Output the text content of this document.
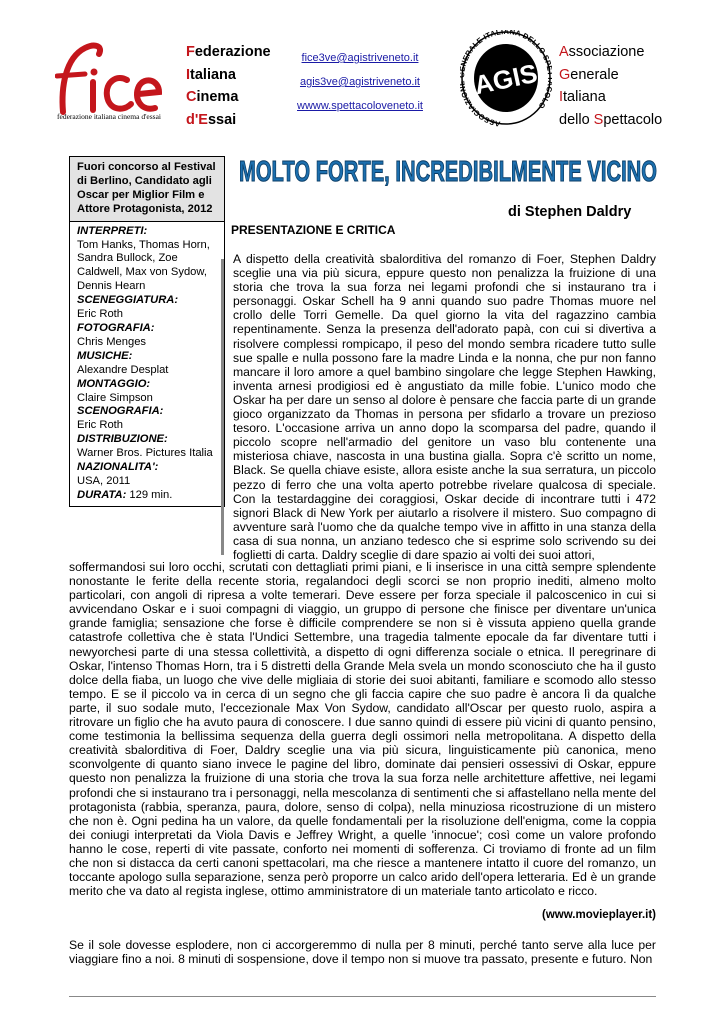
federazione italiana cinema d'essai
Federazione
Italiana
Cinema
d'Essai
fice3ve@agistriveneto.it
agis3ve@agistriveneto.it
wwww.spettacoloveneto.it
ASSOCIAZIO ERALE ITALIANA DELLO S OLO
AGIS
Associazione
Generale
Italiana
dello Spettacolo
Fuori concorso al Festival di Berlino, Candidato agli Oscar per Miglior Film e Attore Protagonista, 2012
INTERPRETI:
Tom Hanks, Thomas Horn, Sandra Bullock, Zoe Caldwell, Max von Sydow, Dennis Hearn
SCENEGGIATURA:
Eric Roth
FOTOGRAFIA:
Chris Menges
MUSICHE:
Alexandre Desplat
MONTAGGIO:
Claire Simpson
SCENOGRAFIA:
Eric Roth
DISTRIBUZIONE:
Warner Bros. Pictures Italia
NAZIONALITA':
USA, 2011
DURATA: 129 min.
MOLTO FORTE, INCREDIBILMENTE VICINO
di Stephen Daldry
PRESENTAZIONE E CRITICA
A dispetto della creatività sbalorditiva del romanzo di Foer, Stephen Daldry sceglie una via più sicura, eppure questo non penalizza la fruizione di una storia che trova la sua forza nei legami profondi che si instaurano tra i personaggi. Oskar Schell ha 9 anni quando suo padre Thomas muore nel crollo delle Torri Gemelle. Da quel giorno la vita del ragazzino cambia repentinamente. Senza la presenza dell'adorato papà, con cui si divertiva a risolvere complessi rompicapo, il peso del mondo sembra ricadere tutto sulle sue spalle e nulla possono fare la madre Linda e la nonna, che pur non fanno mancare il loro amore a quel bambino singolare che legge Stephen Hawking, inventa arnesi prodigiosi ed è angustiato da mille fobie. L'unico modo che Oskar ha per dare un senso al dolore è pensare che faccia parte di un grande gioco organizzato da Thomas in persona per sfidarlo a trovare un prezioso tesoro. L'occasione arriva un anno dopo la scomparsa del padre, quando il piccolo scopre nell'armadio del genitore un vaso blu contenente una misteriosa chiave, nascosta in una bustina gialla. Sopra c'è scritto un nome, Black. Se quella chiave esiste, allora esiste anche la sua serratura, un piccolo pezzo di ferro che una volta aperto potrebbe rivelare qualcosa di speciale. Con la testardaggine dei coraggiosi, Oskar decide di incontrare tutti i 472 signori Black di New York per aiutarlo a risolvere il mistero. Suo compagno di avventure sarà l'uomo che da qualche tempo vive in affitto in una stanza della casa di sua nonna, un anziano tedesco che si esprime solo scrivendo su dei foglietti di carta. Daldry sceglie di dare spazio ai volti dei suoi attori,
soffermandosi sui loro occhi, scrutati con dettagliati primi piani, e li inserisce in una città sempre splendente nonostante le ferite della recente storia, regalandoci degli scorci se non proprio inediti, almeno molto particolari, con angoli di ripresa a volte temerari. Deve essere per forza speciale il palcoscenico in cui si avvicendano Oskar e i suoi compagni di viaggio, un gruppo di persone che finisce per diventare un'unica grande famiglia; sensazione che forse è difficile comprendere se non si è vissuta appieno quella grande catastrofe collettiva che è stata l'Undici Settembre, una tragedia talmente epocale da far diventare tutti i newyorchesi parte di una stessa collettività, a dispetto di ogni differenza sociale o etnica. Il peregrinare di Oskar, l'intenso Thomas Horn, tra i 5 distretti della Grande Mela svela un mondo sconosciuto che ha il gusto dolce della fiaba, un luogo che vive delle migliaia di storie dei suoi abitanti, familiare e scomodo allo stesso tempo. E se il piccolo va in cerca di un segno che gli faccia capire che suo padre è ancora lì da qualche parte, il suo sodale muto, l'eccezionale Max Von Sydow, candidato all'Oscar per questo ruolo, aspira a ritrovare un figlio che ha avuto paura di conoscere. I due sanno quindi di essere più vicini di quanto pensino, come testimonia la bellissima sequenza della guerra degli ossimori nella metropolitana. A dispetto della creatività sbalorditiva di Foer, Daldry sceglie una via più sicura, linguisticamente più canonica, meno sconvolgente di quanto siano invece le pagine del libro, dominate dai pensieri ossessivi di Oskar, eppure questo non penalizza la fruizione di una storia che trova la sua forza nelle architetture affettive, nei legami profondi che si instaurano tra i personaggi, nella mescolanza di sentimenti che si affastellano nella mente del protagonista (rabbia, speranza, paura, dolore, senso di colpa), nella minuziosa ricostruzione di un mistero che non è. Ogni pedina ha un valore, da quelle fondamentali per la risoluzione dell'enigma, come la coppia dei coniugi interpretati da Viola Davis e Jeffrey Wright, a quelle 'innocue'; così come un valore profondo hanno le cose, reperti di vite passate, conforto nei momenti di sofferenza. Ci troviamo di fronte ad un film che non si distacca da certi canoni spettacolari, ma che riesce a mantenere intatto il cuore del romanzo, un toccante apologo sulla separazione, senza però proporre un calco arido dell'opera letteraria. Ed è un grande merito che va dato al regista inglese, ottimo amministratore di un materiale tanto articolato e ricco.
(www.movieplayer.it)
Se il sole dovesse esplodere, non ci accorgeremmo di nulla per 8 minuti, perché tanto serve alla luce per viaggiare fino a noi. 8 minuti di sospensione, dove il tempo non si muove tra passato, presente e futuro. Non
